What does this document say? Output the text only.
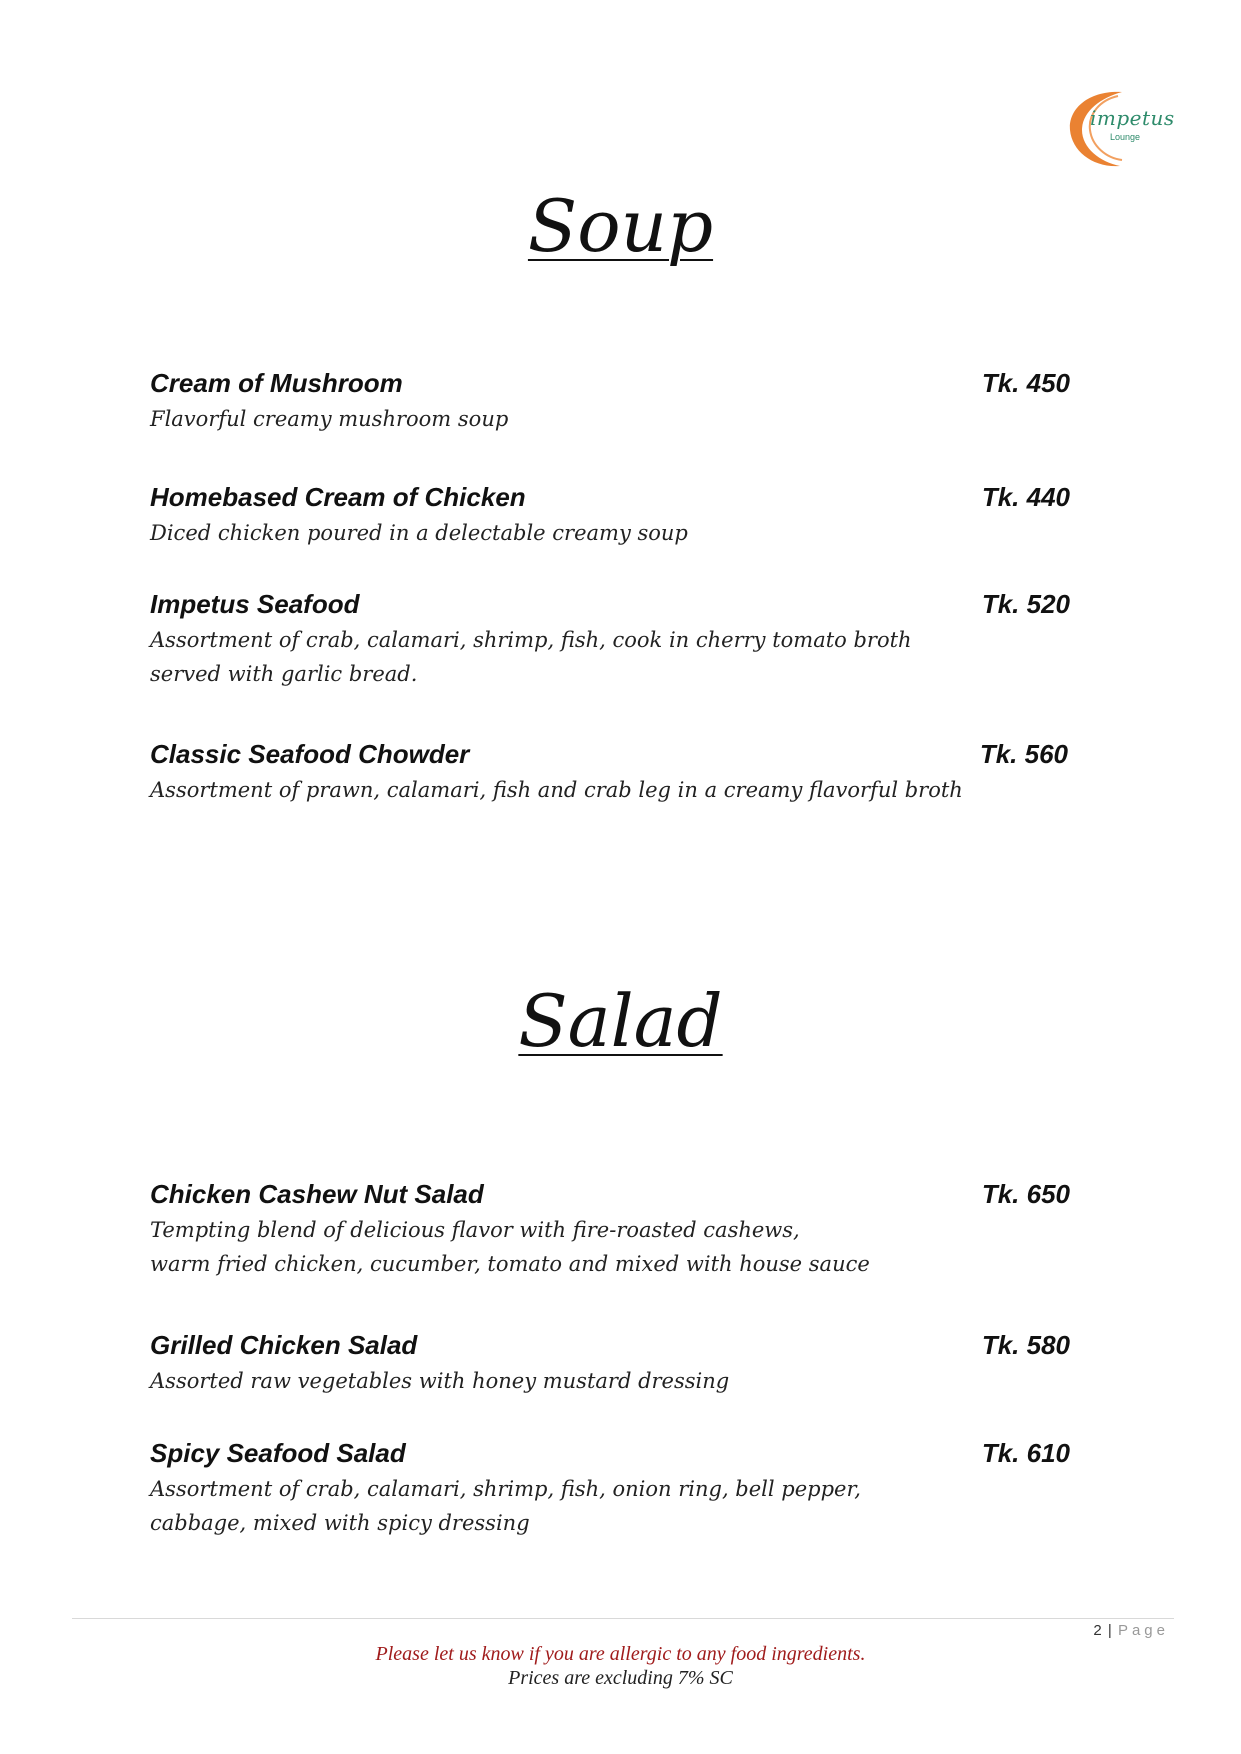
impetus
Lounge
Soup
Cream of Mushroom	Tk. 450
Flavorful creamy mushroom soup
Homebased Cream of Chicken	Tk. 440
Diced chicken poured in a delectable creamy soup
Impetus Seafood	Tk. 520
Assortment of crab, calamari, shrimp, fish, cook in cherry tomato broth
served with garlic bread.
Classic Seafood Chowder	Tk. 560
Assortment of prawn, calamari, fish and crab leg in a creamy flavorful broth
Salad
Chicken Cashew Nut Salad	Tk. 650
Tempting blend of delicious flavor with fire-roasted cashews,
warm fried chicken, cucumber, tomato and mixed with house sauce
Grilled Chicken Salad	Tk. 580
Assorted raw vegetables with honey mustard dressing
Spicy Seafood Salad	Tk. 610
Assortment of crab, calamari, shrimp, fish, onion ring, bell pepper,
cabbage, mixed with spicy dressing
2 | Page
Please let us know if you are allergic to any food ingredients.
Prices are excluding 7% SC
